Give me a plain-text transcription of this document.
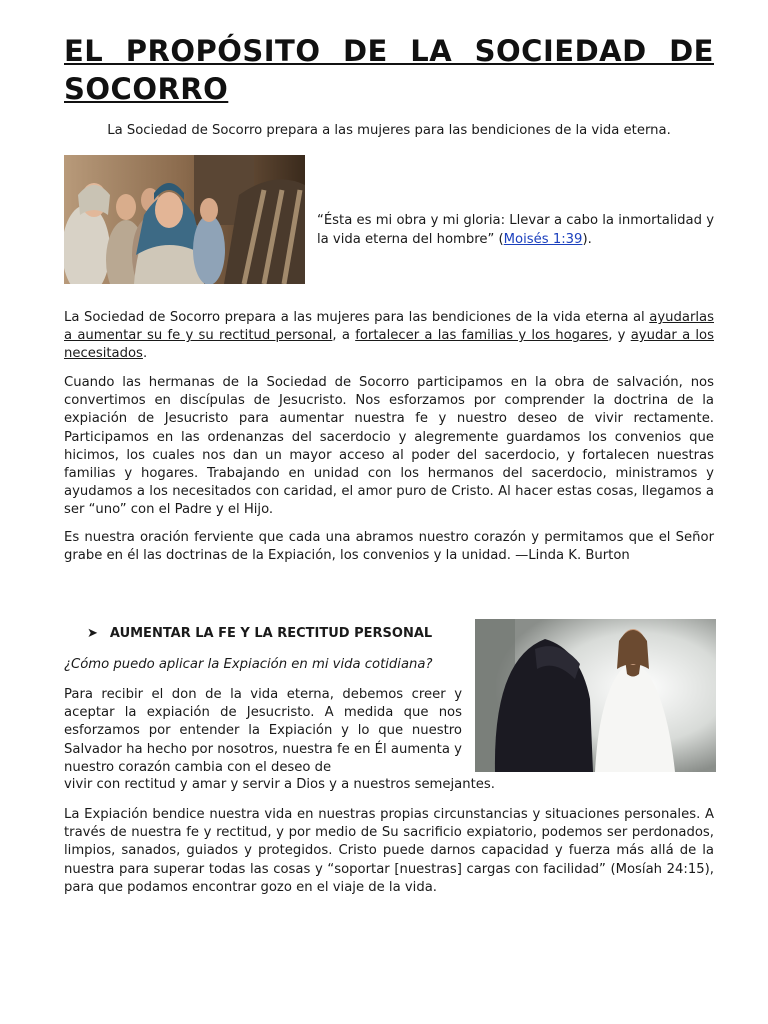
EL PROPÓSITO DE LA SOCIEDAD DE SOCORRO

La Sociedad de Socorro prepara a las mujeres para las bendiciones de la vida eterna.

“Ésta es mi obra y mi gloria: Llevar a cabo la inmortalidad y la vida eterna del hombre” (Moisés 1:39).

La Sociedad de Socorro prepara a las mujeres para las bendiciones de la vida eterna al ayudarlas a aumentar su fe y su rectitud personal, a fortalecer a las familias y los hogares, y ayudar a los necesitados.

Cuando las hermanas de la Sociedad de Socorro participamos en la obra de salvación, nos convertimos en discípulas de Jesucristo. Nos esforzamos por comprender la doctrina de la expiación de Jesucristo para aumentar nuestra fe y nuestro deseo de vivir rectamente. Participamos en las ordenanzas del sacerdocio y alegremente guardamos los convenios que hicimos, los cuales nos dan un mayor acceso al poder del sacerdocio, y fortalecen nuestras familias y hogares. Trabajando en unidad con los hermanos del sacerdocio, ministramos y ayudamos a los necesitados con caridad, el amor puro de Cristo. Al hacer estas cosas, llegamos a ser “uno” con el Padre y el Hijo.

Es nuestra oración ferviente que cada una abramos nuestro corazón y permitamos que el Señor grabe en él las doctrinas de la Expiación, los convenios y la unidad. —Linda K. Burton

➤ AUMENTAR LA FE Y LA RECTITUD PERSONAL

¿Cómo puedo aplicar la Expiación en mi vida cotidiana?

Para recibir el don de la vida eterna, debemos creer y aceptar la expiación de Jesucristo. A medida que nos esforzamos por entender la Expiación y lo que nuestro Salvador ha hecho por nosotros, nuestra fe en Él aumenta y nuestro corazón cambia con el deseo de

vivir con rectitud y amar y servir a Dios y a nuestros semejantes.

La Expiación bendice nuestra vida en nuestras propias circunstancias y situaciones personales. A través de nuestra fe y rectitud, y por medio de Su sacrificio expiatorio, podemos ser perdonados, limpios, sanados, guiados y protegidos. Cristo puede darnos capacidad y fuerza más allá de la nuestra para superar todas las cosas y “soportar [nuestras] cargas con facilidad” (Mosíah 24:15), para que podamos encontrar gozo en el viaje de la vida.
